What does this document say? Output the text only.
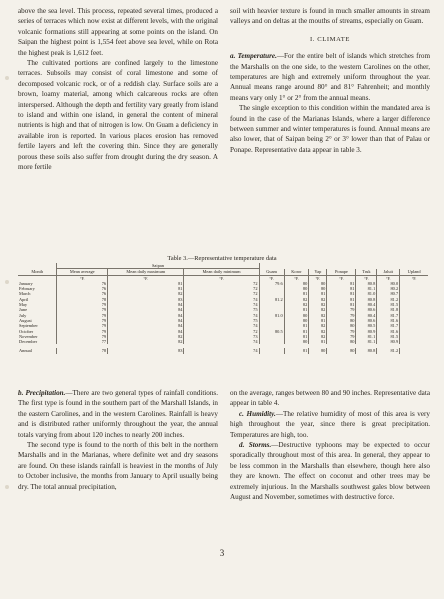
above the sea level. This process, repeated several times, produced a series of terraces which now exist at different levels, with the original volcanic formations still appearing at some points on the island. On Saipan the highest point is 1,554 feet above sea level, while on Rota the highest peak is 1,612 feet.

The cultivated portions are confined largely to the limestone terraces. Subsoils may consist of coral limestone and some of decomposed volcanic rock, or of a reddish clay. Surface soils are a brown, loamy material, among which calcareous rocks are often interspersed. Although the depth and fertility vary greatly from island to island and within one island, in general the content of mineral nutrients is high and that of nitrogen is low. On Guam a deficiency in available iron is reported. In various places erosion has removed fertile layers and left the covering thin. Since they are generally porous these soils also suffer from drought during the dry season. A more fertile

soil with heavier texture is found in much smaller amounts in stream valleys and on deltas at the mouths of streams, especially on Guam.

I. CLIMATE

a. Temperature.—For the entire belt of islands which stretches from the Marshalls on the one side, to the western Carolines on the other, temperatures are high and extremely uniform throughout the year. Annual means range around 80° and 81° Fahrenheit; and monthly means vary only 1° or 2° from the annual means.

The single exception to this condition within the mandated area is found in the case of the Marianas Islands, where a larger difference between summer and winter temperatures is found. Annual means are also lower, that of Saipan being 2° or 3° lower than that of Palau or Ponape. Representative data appear in table 3.

Table 3.—Representative temperature data
	Saipan									
Month	Mean average	Mean daily maximum	Mean daily minimum	Guam	Koror	Yap	Ponape	Truk	Jaluit	Upland
	°F.	°F.	°F.	°F.	°F.	°F.	°F.	°F.	°F.	°F.
January	76	81	72	79.6	80	80	81	80.8	80.0	
February	76	81	72		80	80	81	81.1	80.2	
March	76	82	72		81	81	81	81.0	80.7	
April	78	83	74	81.2	82	82	81	80.8	81.2	
May	79	84	74		82	82	81	80.4	81.5	
June	79	84	75		81	82	79	80.6	81.8	
July	79	84	74	81.0	80	82	79	80.4	81.7	
August	79	84	75		80	81	80	80.6	81.6	
September	79	84	74		81	82	80	80.5	81.7	
October	79	84	72	80.5	81	82	79	80.9	81.6	
November	79	82	73		81	82	79	81.1	81.5	
December	77	82	74		80	81	80	81.1	80.9	

Annual	78	83	74		81	80	80	80.8	81.2	

b. Precipitation.—There are two general types of rainfall conditions. The first type is found in the southern part of the Marshall Islands, in the eastern Carolines, and in the western Carolines. Rainfall is heavy and is distributed rather uniformly throughout the year, the annual totals varying from about 120 inches to nearly 200 inches.

The second type is found to the north of this belt in the northern Marshalls and in the Marianas, where definite wet and dry seasons are found. On these islands rainfall is heaviest in the months of July to October inclusive, the months from January to April usually being dry. The total annual precipitation,

on the average, ranges between 80 and 90 inches. Representative data appear in table 4.

c. Humidity.—The relative humidity of most of this area is very high throughout the year, since there is great precipitation. Temperatures are high, too.

d. Storms.—Destructive typhoons may be expected to occur sporadically throughout most of this area. In general, they appear to be less common in the Marshalls than elsewhere, though here also they are known. The effect on coconut and other trees may be extremely injurious. In the Marshalls southwest gales blow between August and November, sometimes with destructive force.

3
